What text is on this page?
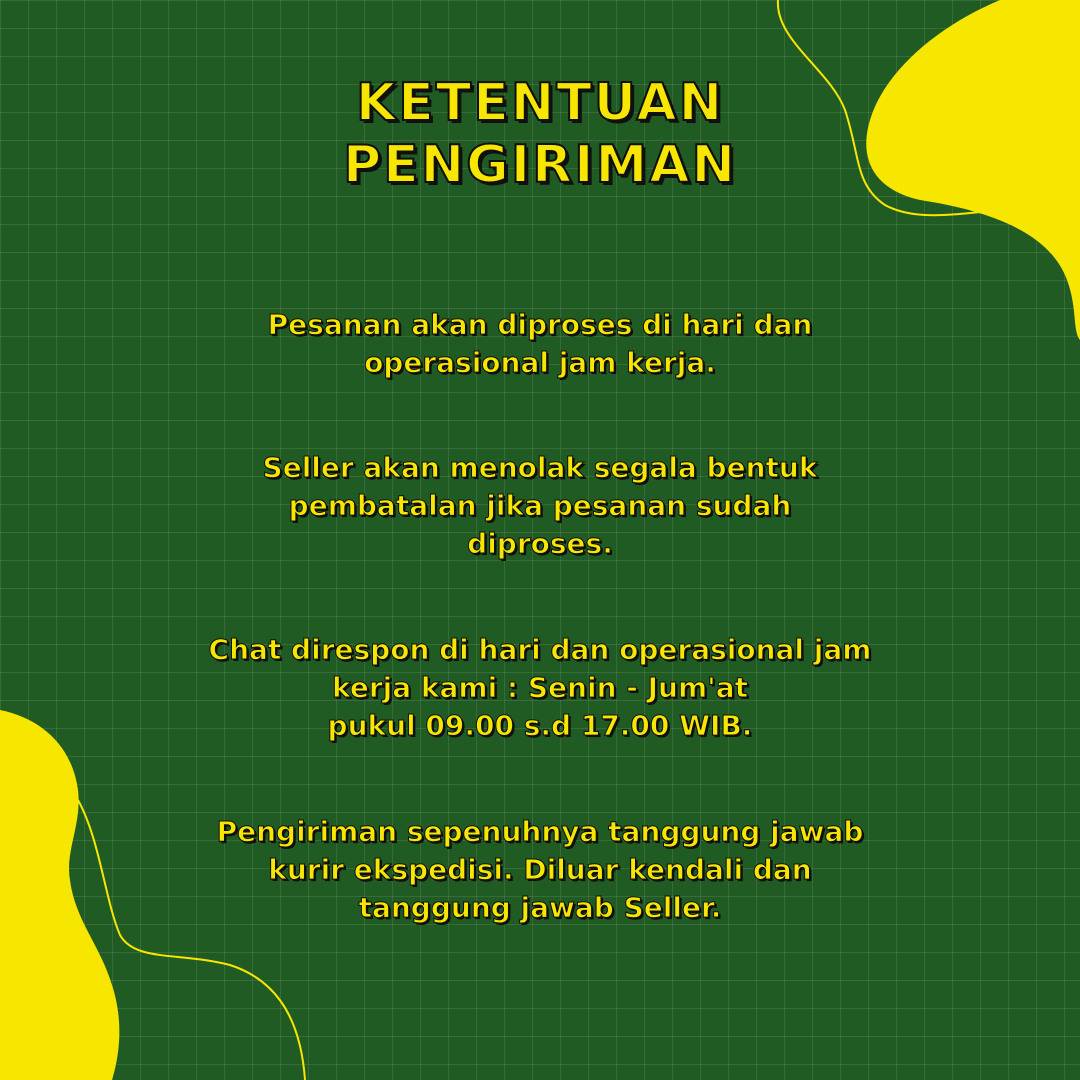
KETENTUAN
PENGIRIMAN

Pesanan akan diproses di hari dan
operasional jam kerja.

Seller akan menolak segala bentuk
pembatalan jika pesanan sudah
diproses.

Chat direspon di hari dan operasional jam
kerja kami : Senin - Jum'at
pukul 09.00 s.d 17.00 WIB.

Pengiriman sepenuhnya tanggung jawab
kurir ekspedisi. Diluar kendali dan
tanggung jawab Seller.
